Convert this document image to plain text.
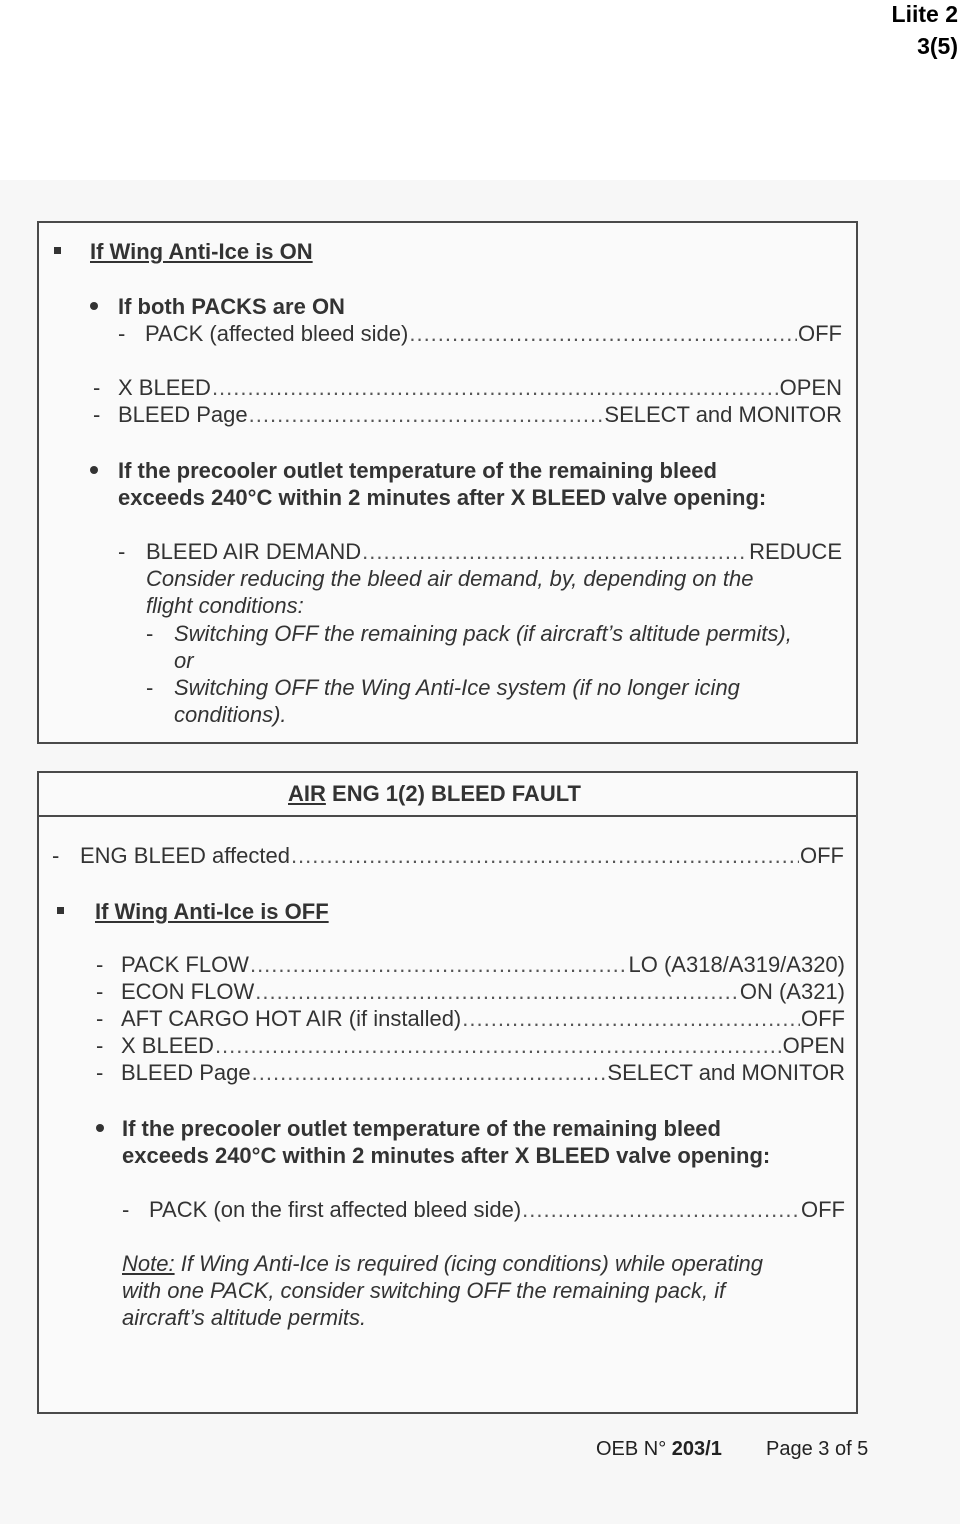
Liite 2
3(5)
If Wing Anti-Ice is ON
If both PACKS are ON
- PACK (affected bleed side) .....	OFF
- X BLEED .....	OPEN
- BLEED Page .....	SELECT and MONITOR
If the precooler outlet temperature of the remaining bleed
exceeds 240°C within 2 minutes after X BLEED valve opening:
- BLEED AIR DEMAND .....	REDUCE
Consider reducing the bleed air demand, by, depending on the
flight conditions:
- Switching OFF the remaining pack (if aircraft’s altitude permits),
or
- Switching OFF the Wing Anti-Ice system (if no longer icing
conditions).
AIR ENG 1(2) BLEED FAULT
- ENG BLEED affected .....	OFF
If Wing Anti-Ice is OFF
- PACK FLOW .....	LO (A318/A319/A320)
- ECON FLOW .....	ON (A321)
- AFT CARGO HOT AIR (if installed) .....	OFF
- X BLEED .....	OPEN
- BLEED Page .....	SELECT and MONITOR
If the precooler outlet temperature of the remaining bleed
exceeds 240°C within 2 minutes after X BLEED valve opening:
- PACK (on the first affected bleed side) .....	OFF
Note: If Wing Anti-Ice is required (icing conditions) while operating
with one PACK, consider switching OFF the remaining pack, if
aircraft’s altitude permits.
OEB N° 203/1 Page 3 of 5
